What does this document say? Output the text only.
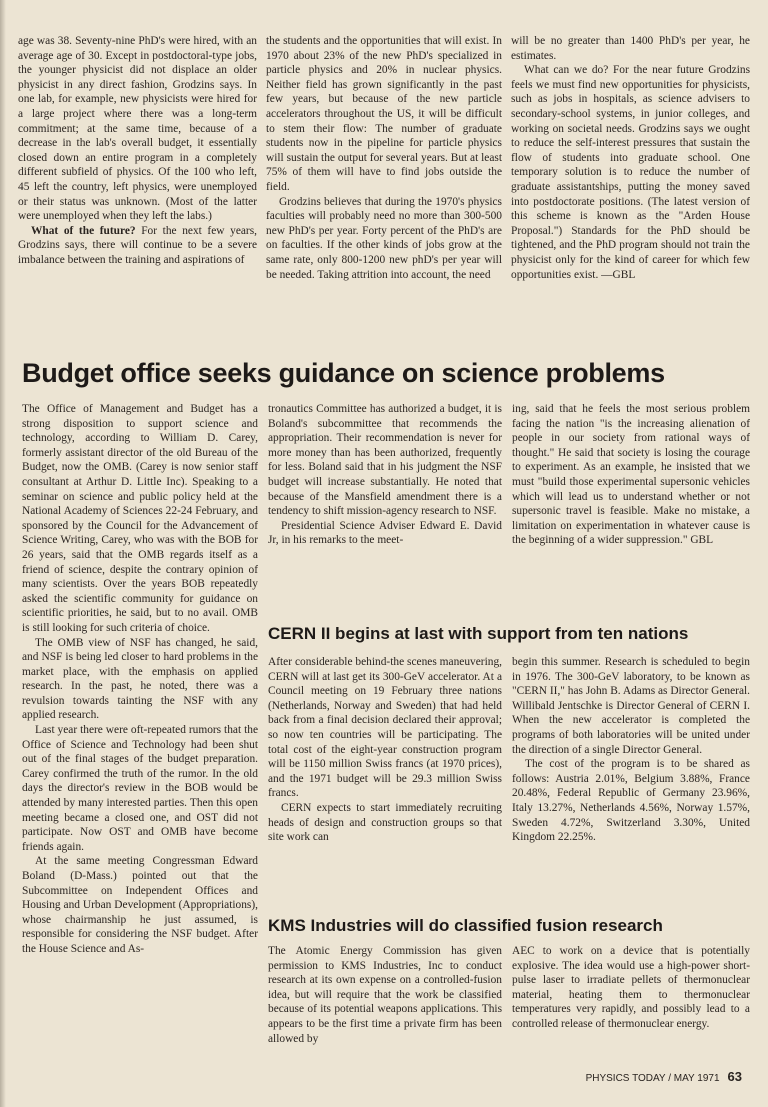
age was 38. Seventy-nine PhD's were hired, with an average age of 30. Except in postdoctoral-type jobs, the younger physicist did not displace an older physicist in any direct fashion, Grodzins says. In one lab, for example, new physicists were hired for a large project where there was a long-term commitment; at the same time, because of a decrease in the lab's overall budget, it essentially closed down an entire program in a completely different subfield of physics. Of the 100 who left, 45 left the country, left physics, were unemployed or their status was unknown. (Most of the latter were unemployed when they left the labs.)

What of the future? For the next few years, Grodzins says, there will continue to be a severe imbalance between the training and aspirations of

the students and the opportunities that will exist. In 1970 about 23% of the new PhD's specialized in particle physics and 20% in nuclear physics. Neither field has grown significantly in the past few years, but because of the new particle accelerators throughout the US, it will be difficult to stem their flow: The number of graduate students now in the pipeline for particle physics will sustain the output for several years. But at least 75% of them will have to find jobs outside the field.

Grodzins believes that during the 1970's physics faculties will probably need no more than 300-500 new PhD's per year. Forty percent of the PhD's are on faculties. If the other kinds of jobs grow at the same rate, only 800-1200 new phD's per year will be needed. Taking attrition into account, the need

will be no greater than 1400 PhD's per year, he estimates.

What can we do? For the near future Grodzins feels we must find new opportunities for physicists, such as jobs in hospitals, as science advisers to secondary-school systems, in junior colleges, and working on societal needs. Grodzins says we ought to reduce the self-interest pressures that sustain the flow of students into graduate school. One temporary solution is to reduce the number of graduate assistantships, putting the money saved into postdoctorate positions. (The latest version of this scheme is known as the "Arden House Proposal.") Standards for the PhD should be tightened, and the PhD program should not train the physicist only for the kind of career for which few opportunities exist. —GBL

Budget office seeks guidance on science problems

The Office of Management and Budget has a strong disposition to support science and technology, according to William D. Carey, formerly assistant director of the old Bureau of the Budget, now the OMB. (Carey is now senior staff consultant at Arthur D. Little Inc). Speaking to a seminar on science and public policy held at the National Academy of Sciences 22-24 February, and sponsored by the Council for the Advancement of Science Writing, Carey, who was with the BOB for 26 years, said that the OMB regards itself as a friend of science, despite the contrary opinion of many scientists. Over the years BOB repeatedly asked the scientific community for guidance on scientific priorities, he said, but to no avail. OMB is still looking for such criteria of choice.

The OMB view of NSF has changed, he said, and NSF is being led closer to hard problems in the market place, with the emphasis on applied research. In the past, he noted, there was a revulsion towards tainting the NSF with any applied research.

Last year there were oft-repeated rumors that the Office of Science and Technology had been shut out of the final stages of the budget preparation. Carey confirmed the truth of the rumor. In the old days the director's review in the BOB would be attended by many interested parties. Then this open meeting became a closed one, and OST did not participate. Now OST and OMB have become friends again.

At the same meeting Congressman Edward Boland (D-Mass.) pointed out that the Subcommittee on Independent Offices and Housing and Urban Development (Appropriations), whose chairmanship he just assumed, is responsible for considering the NSF budget. After the House Science and As-

tronautics Committee has authorized a budget, it is Boland's subcommittee that recommends the appropriation. Their recommendation is never for more money than has been authorized, frequently for less. Boland said that in his judgment the NSF budget will increase substantially. He noted that because of the Mansfield amendment there is a tendency to shift mission-agency research to NSF.

Presidential Science Adviser Edward E. David Jr, in his remarks to the meet-

ing, said that he feels the most serious problem facing the nation "is the increasing alienation of people in our society from rational ways of thought." He said that society is losing the courage to experiment. As an example, he insisted that we must "build those experimental supersonic vehicles which will lead us to understand whether or not supersonic travel is feasible. Make no mistake, a limitation on experimentation in whatever cause is the beginning of a wider suppression." GBL

CERN II begins at last with support from ten nations

After considerable behind-the scenes maneuvering, CERN will at last get its 300-GeV accelerator. At a Council meeting on 19 February three nations (Netherlands, Norway and Sweden) that had held back from a final decision declared their approval; so now ten countries will be participating. The total cost of the eight-year construction program will be 1150 million Swiss francs (at 1970 prices), and the 1971 budget will be 29.3 million Swiss francs.

CERN expects to start immediately recruiting heads of design and construction groups so that site work can

begin this summer. Research is scheduled to begin in 1976. The 300-GeV laboratory, to be known as "CERN II," has John B. Adams as Director General. Willibald Jentschke is Director General of CERN I. When the new accelerator is completed the programs of both laboratories will be united under the direction of a single Director General.

The cost of the program is to be shared as follows: Austria 2.01%, Belgium 3.88%, France 20.48%, Federal Republic of Germany 23.96%, Italy 13.27%, Netherlands 4.56%, Norway 1.57%, Sweden 4.72%, Switzerland 3.30%, United Kingdom 22.25%.

KMS Industries will do classified fusion research

The Atomic Energy Commission has given permission to KMS Industries, Inc to conduct research at its own expense on a controlled-fusion idea, but will require that the work be classified because of its potential weapons applications. This appears to be the first time a private firm has been allowed by

AEC to work on a device that is potentially explosive. The idea would use a high-power short-pulse laser to irradiate pellets of thermonuclear material, heating them to thermonuclear temperatures very rapidly, and possibly lead to a controlled release of thermonuclear energy.

PHYSICS TODAY / MAY 1971 63
